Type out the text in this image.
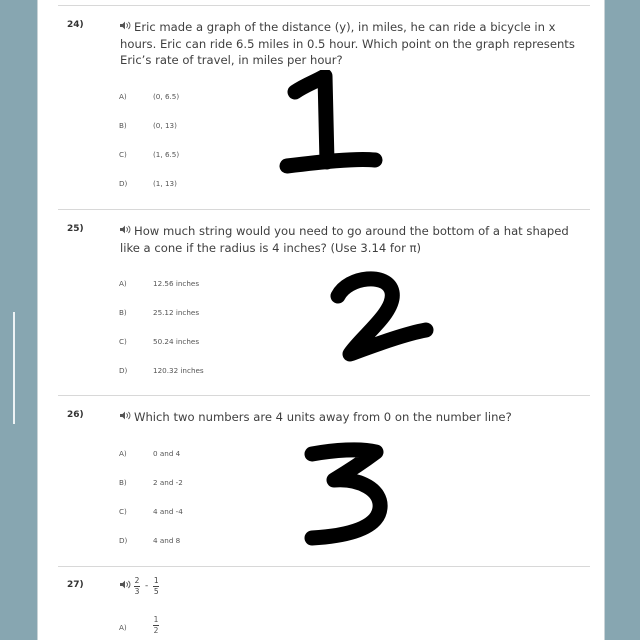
24)	Eric made a graph of the distance (y), in miles, he can ride a bicycle in x hours. Eric can ride 6.5 miles in 0.5 hour. Which point on the graph represents Eric’s rate of travel, in miles per hour?
A)	(0, 6.5)
B)	(0, 13)
C)	(1, 6.5)
D)	(1, 13)
25)	How much string would you need to go around the bottom of a hat shaped like a cone if the radius is 4 inches? (Use 3.14 for π)
A)	12.56 inches
B)	25.12 inches
C)	50.24 inches
D)	120.32 inches
26)	Which two numbers are 4 units away from 0 on the number line?
A)	0 and 4
B)	2 and -2
C)	4 and -4
D)	4 and 8
27)	$\frac{2}{3} - \frac{1}{5}$
A)	$\frac{1}{2}$
